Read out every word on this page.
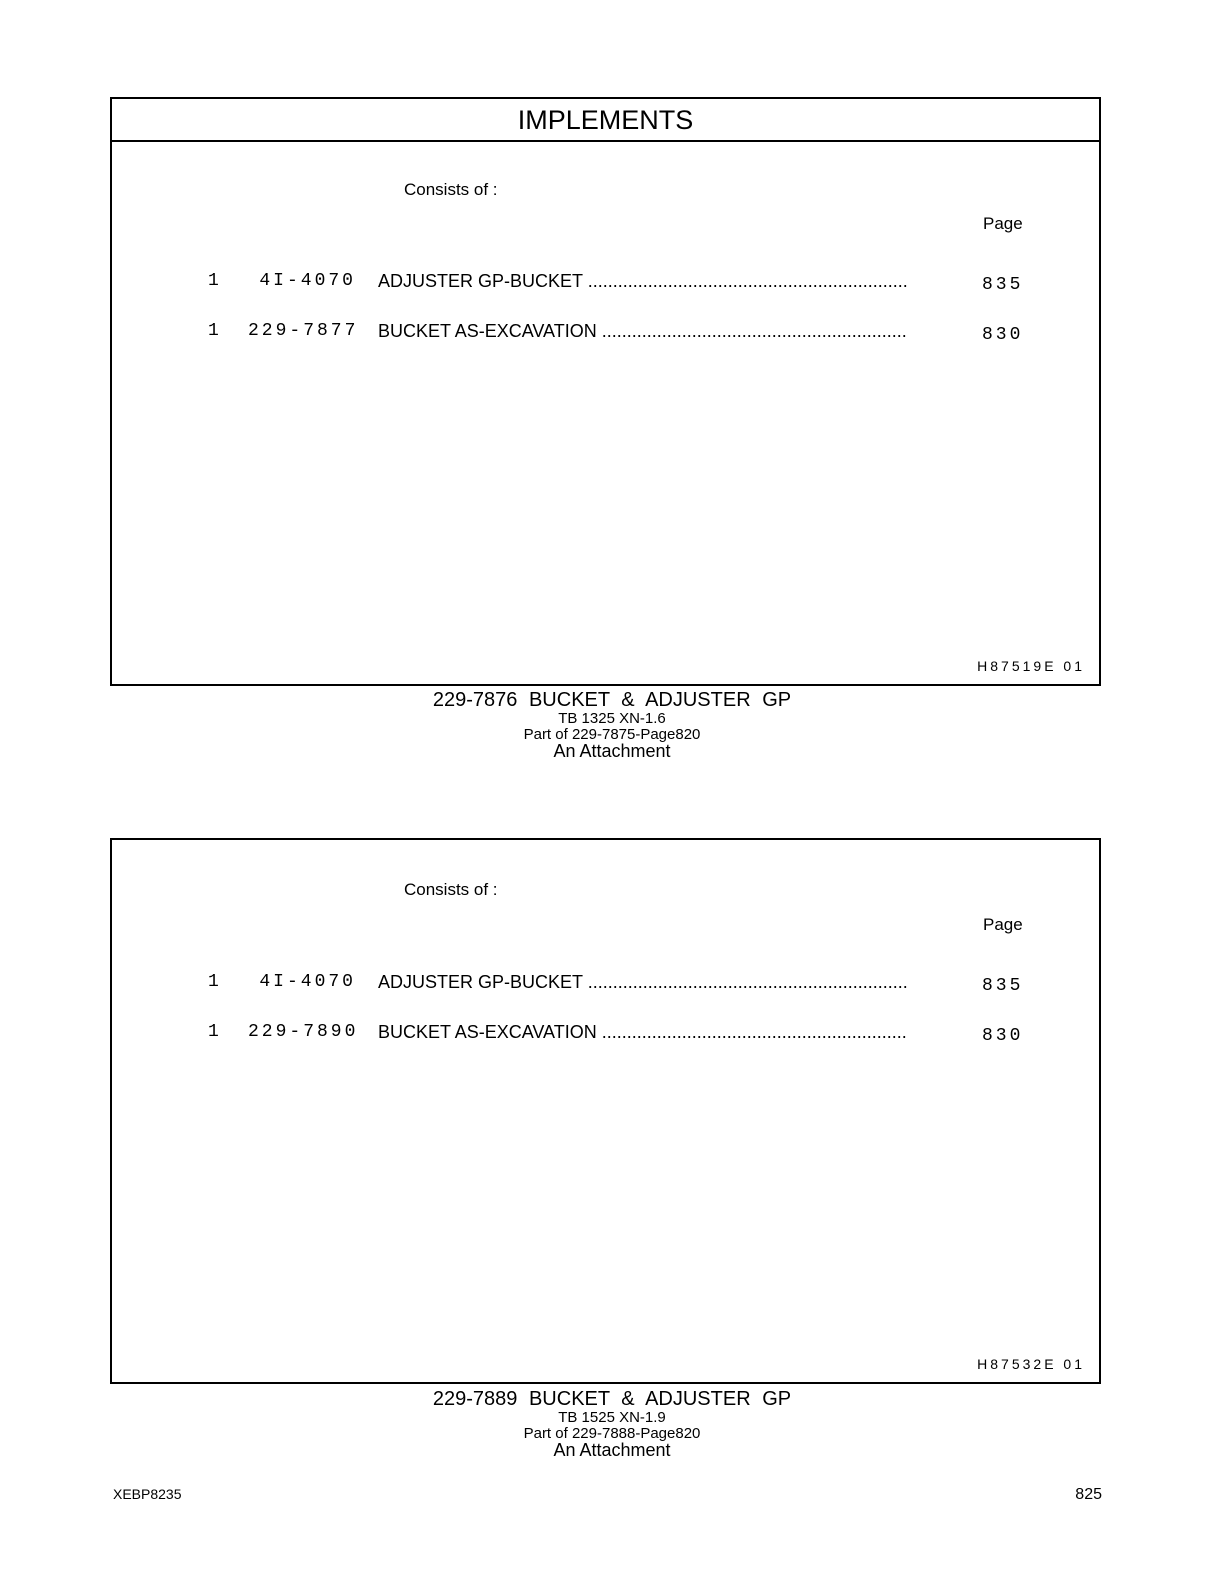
IMPLEMENTS
Consists of :
Page
1	4I-4070 ADJUSTER GP-BUCKET .....	835
1 229-7877 BUCKET AS-EXCAVATION .....	830
H87519E 01
229-7876 BUCKET & ADJUSTER GP
TB 1325 XN-1.6
Part of 229-7875-Page820
An Attachment
Consists of :
Page
1	4I-4070 ADJUSTER GP-BUCKET .....	835
1 229-7890 BUCKET AS-EXCAVATION .....	830
H87532E 01
229-7889 BUCKET & ADJUSTER GP
TB 1525 XN-1.9
Part of 229-7888-Page820
An Attachment
XEBP8235	825
